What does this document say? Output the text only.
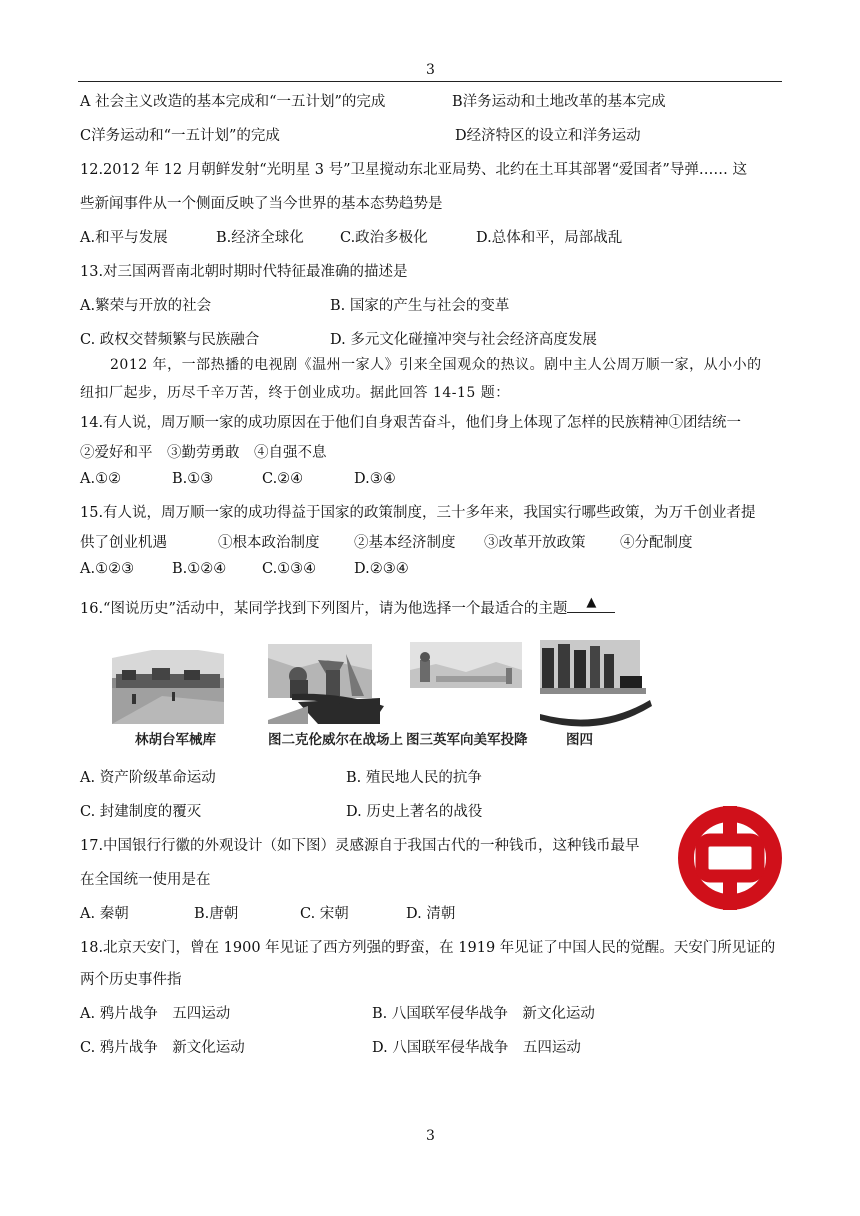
3
A 社会主义改造的基本完成和“一五计划”的完成	B洋务运动和土地改革的基本完成
C洋务运动和“一五计划”的完成	D经济特区的设立和洋务运动
12.2012 年 12 月朝鲜发射“光明星 3 号”卫星搅动东北亚局势、北约在土耳其部署“爱国者”导弹…… 这
些新闻事件从一个侧面反映了当今世界的基本态势趋势是
A.和平与发展	B.经济全球化 C.政治多极化	D.总体和平，局部战乱
13.对三国两晋南北朝时期时代特征最准确的描述是
A.繁荣与开放的社会	B. 国家的产生与社会的变革
C. 政权交替频繁与民族融合	D. 多元文化碰撞冲突与社会经济高度发展
2012 年，一部热播的电视剧《温州一家人》引来全国观众的热议。剧中主人公周万顺一家，从小小的
纽扣厂起步，历尽千辛万苦，终于创业成功。据此回答 14-15 题：
14.有人说，周万顺一家的成功原因在于他们自身艰苦奋斗，他们身上体现了怎样的民族精神①团结统一
②爱好和平　③勤劳勇敢　④自强不息
A.①②	B.①③	C.②④	D.③④
15.有人说，周万顺一家的成功得益于国家的政策制度，三十多年来，我国实行哪些政策，为万千创业者提
供了创业机遇	①根本政治制度 ②基本经济制度 ③改革开放政策 ④分配制度
A.①②③	B.①②④ C.①③④	D.②③④
16.“图说历史”活动中，某同学找到下列图片，请为他选择一个最适合的主题 ▲
林胡台军械库	图二克伦威尔在战场上 图三英军向美军投降	图四
A. 资产阶级革命运动	B. 殖民地人民的抗争
C. 封建制度的覆灭	D. 历史上著名的战役
17.中国银行行徽的外观设计（如下图）灵感源自于我国古代的一种钱币，这种钱币最早
在全国统一使用是在
A. 秦朝	B.唐朝	C. 宋朝	D. 清朝
18.北京天安门，曾在 1900 年见证了西方列强的野蛮，在 1919 年见证了中国人民的觉醒。天安门所见证的
两个历史事件指
A. 鸦片战争　五四运动	B. 八国联军侵华战争　新文化运动
C. 鸦片战争　新文化运动	D. 八国联军侵华战争　五四运动
3
